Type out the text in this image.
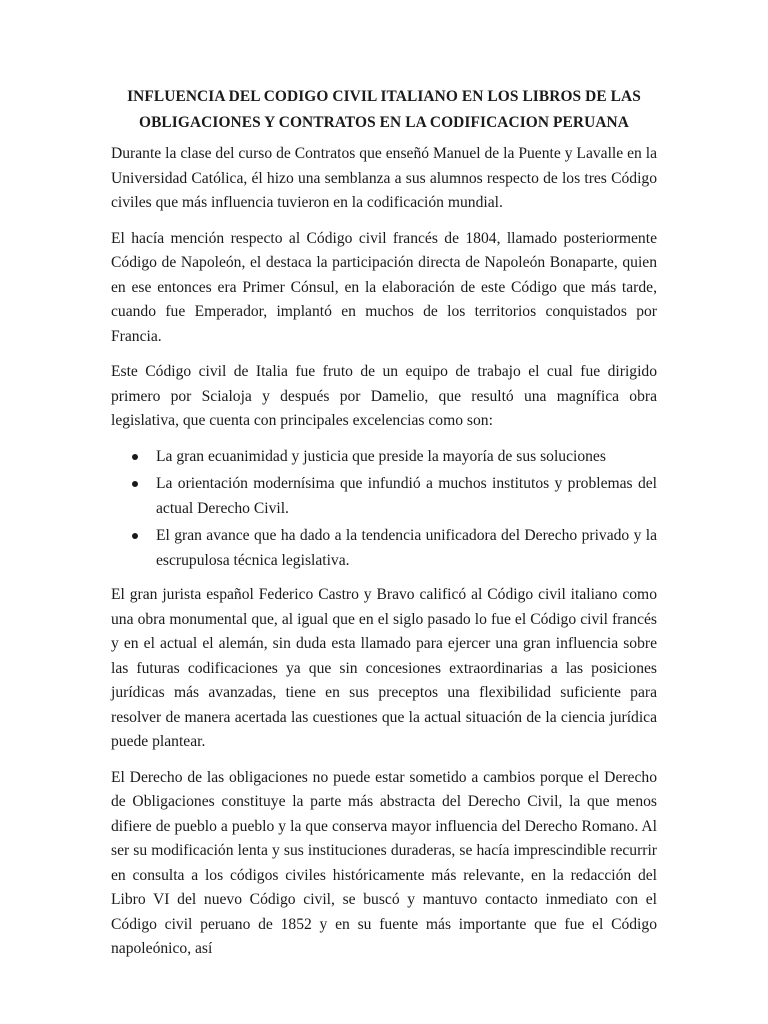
INFLUENCIA DEL CODIGO CIVIL ITALIANO EN LOS LIBROS DE LAS
OBLIGACIONES Y CONTRATOS EN LA CODIFICACION PERUANA

Durante la clase del curso de Contratos que enseñó Manuel de la Puente y Lavalle en la Universidad Católica, él hizo una semblanza a sus alumnos respecto de los tres Código civiles que más influencia tuvieron en la codificación mundial.

El hacía mención respecto al Código civil francés de 1804, llamado posteriormente Código de Napoleón, el destaca la participación directa de Napoleón Bonaparte, quien en ese entonces era Primer Cónsul, en la elaboración de este Código que más tarde, cuando fue Emperador, implantó en muchos de los territorios conquistados por Francia.

Este Código civil de Italia fue fruto de un equipo de trabajo el cual fue dirigido primero por Scialoja y después por Damelio, que resultó una magnífica obra legislativa, que cuenta con principales excelencias como son:

La gran ecuanimidad y justicia que preside la mayoría de sus soluciones
La orientación modernísima que infundió a muchos institutos y problemas del actual Derecho Civil.
El gran avance que ha dado a la tendencia unificadora del Derecho privado y la escrupulosa técnica legislativa.

El gran jurista español Federico Castro y Bravo calificó al Código civil italiano como una obra monumental que, al igual que en el siglo pasado lo fue el Código civil francés y en el actual el alemán, sin duda esta llamado para ejercer una gran influencia sobre las futuras codificaciones ya que sin concesiones extraordinarias a las posiciones jurídicas más avanzadas, tiene en sus preceptos una flexibilidad suficiente para resolver de manera acertada las cuestiones que la actual situación de la ciencia jurídica puede plantear.

El Derecho de las obligaciones no puede estar sometido a cambios porque el Derecho de Obligaciones constituye la parte más abstracta del Derecho Civil, la que menos difiere de pueblo a pueblo y la que conserva mayor influencia del Derecho Romano. Al ser su modificación lenta y sus instituciones duraderas, se hacía imprescindible recurrir en consulta a los códigos civiles históricamente más relevante, en la redacción del Libro VI del nuevo Código civil, se buscó y mantuvo contacto inmediato con el Código civil peruano de 1852 y en su fuente más importante que fue el Código napoleónico, así
